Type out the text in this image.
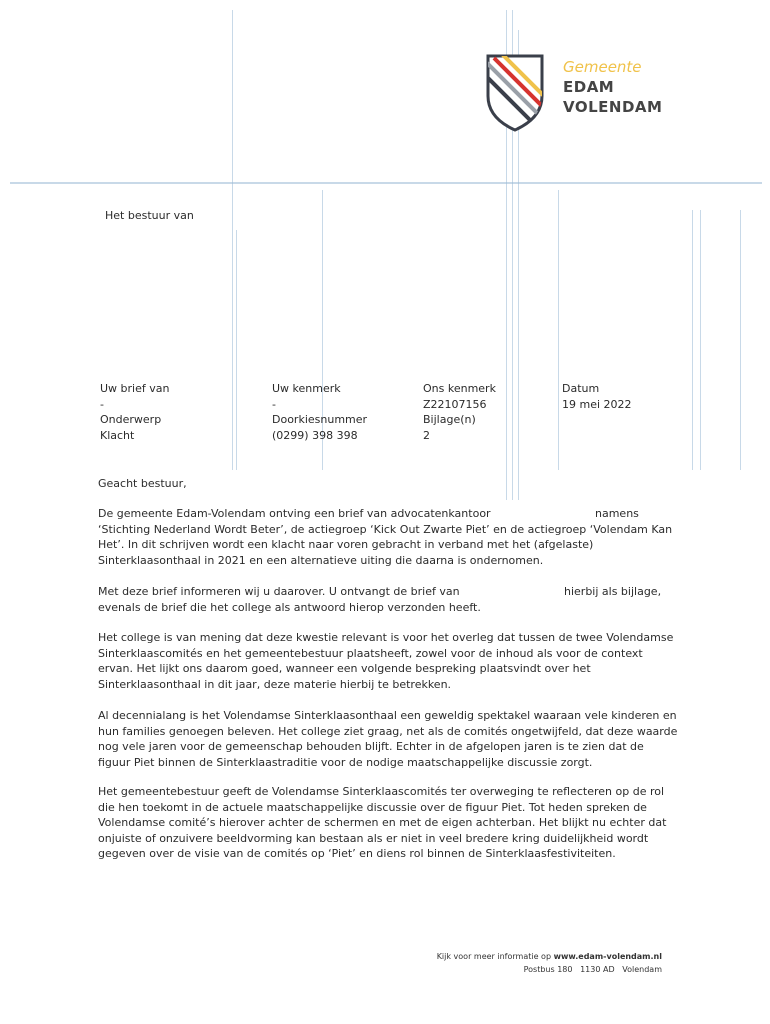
Gemeente
EDAM
VOLENDAM
Het bestuur van
Uw brief van
-
Onderwerp
Klacht
Uw kenmerk
-
Doorkiesnummer
(0299) 398 398
Ons kenmerk
Z22107156
Bijlage(n)
2
Datum
19 mei 2022
Geacht bestuur,
De gemeente Edam-Volendam ontving een brief van advocatenkantoor	namens
‘Stichting Nederland Wordt Beter’, de actiegroep ‘Kick Out Zwarte Piet’ en de actiegroep ‘Volendam Kan
Het’. In dit schrijven wordt een klacht naar voren gebracht in verband met het (afgelaste)
Sinterklaasonthaal in 2021 en een alternatieve uiting die daarna is ondernomen.
Met deze brief informeren wij u daarover. U ontvangt de brief van	hierbij als bijlage,
evenals de brief die het college als antwoord hierop verzonden heeft.
Het college is van mening dat deze kwestie relevant is voor het overleg dat tussen de twee Volendamse
Sinterklaascomités en het gemeentebestuur plaatsheeft, zowel voor de inhoud als voor de context
ervan. Het lijkt ons daarom goed, wanneer een volgende bespreking plaatsvindt over het
Sinterklaasonthaal in dit jaar, deze materie hierbij te betrekken.
Al decennialang is het Volendamse Sinterklaasonthaal een geweldig spektakel waaraan vele kinderen en
hun families genoegen beleven. Het college ziet graag, net als de comités ongetwijfeld, dat deze waarde
nog vele jaren voor de gemeenschap behouden blijft. Echter in de afgelopen jaren is te zien dat de
figuur Piet binnen de Sinterklaastraditie voor de nodige maatschappelijke discussie zorgt.
Het gemeentebestuur geeft de Volendamse Sinterklaascomités ter overweging te reflecteren op de rol
die hen toekomt in de actuele maatschappelijke discussie over de figuur Piet. Tot heden spreken de
Volendamse comité’s hierover achter de schermen en met de eigen achterban. Het blijkt nu echter dat
onjuiste of onzuivere beeldvorming kan bestaan als er niet in veel bredere kring duidelijkheid wordt
gegeven over de visie van de comités op ‘Piet’ en diens rol binnen de Sinterklaasfestiviteiten.
Kijk voor meer informatie op www.edam-volendam.nl
Postbus 180   1130 AD   Volendam
